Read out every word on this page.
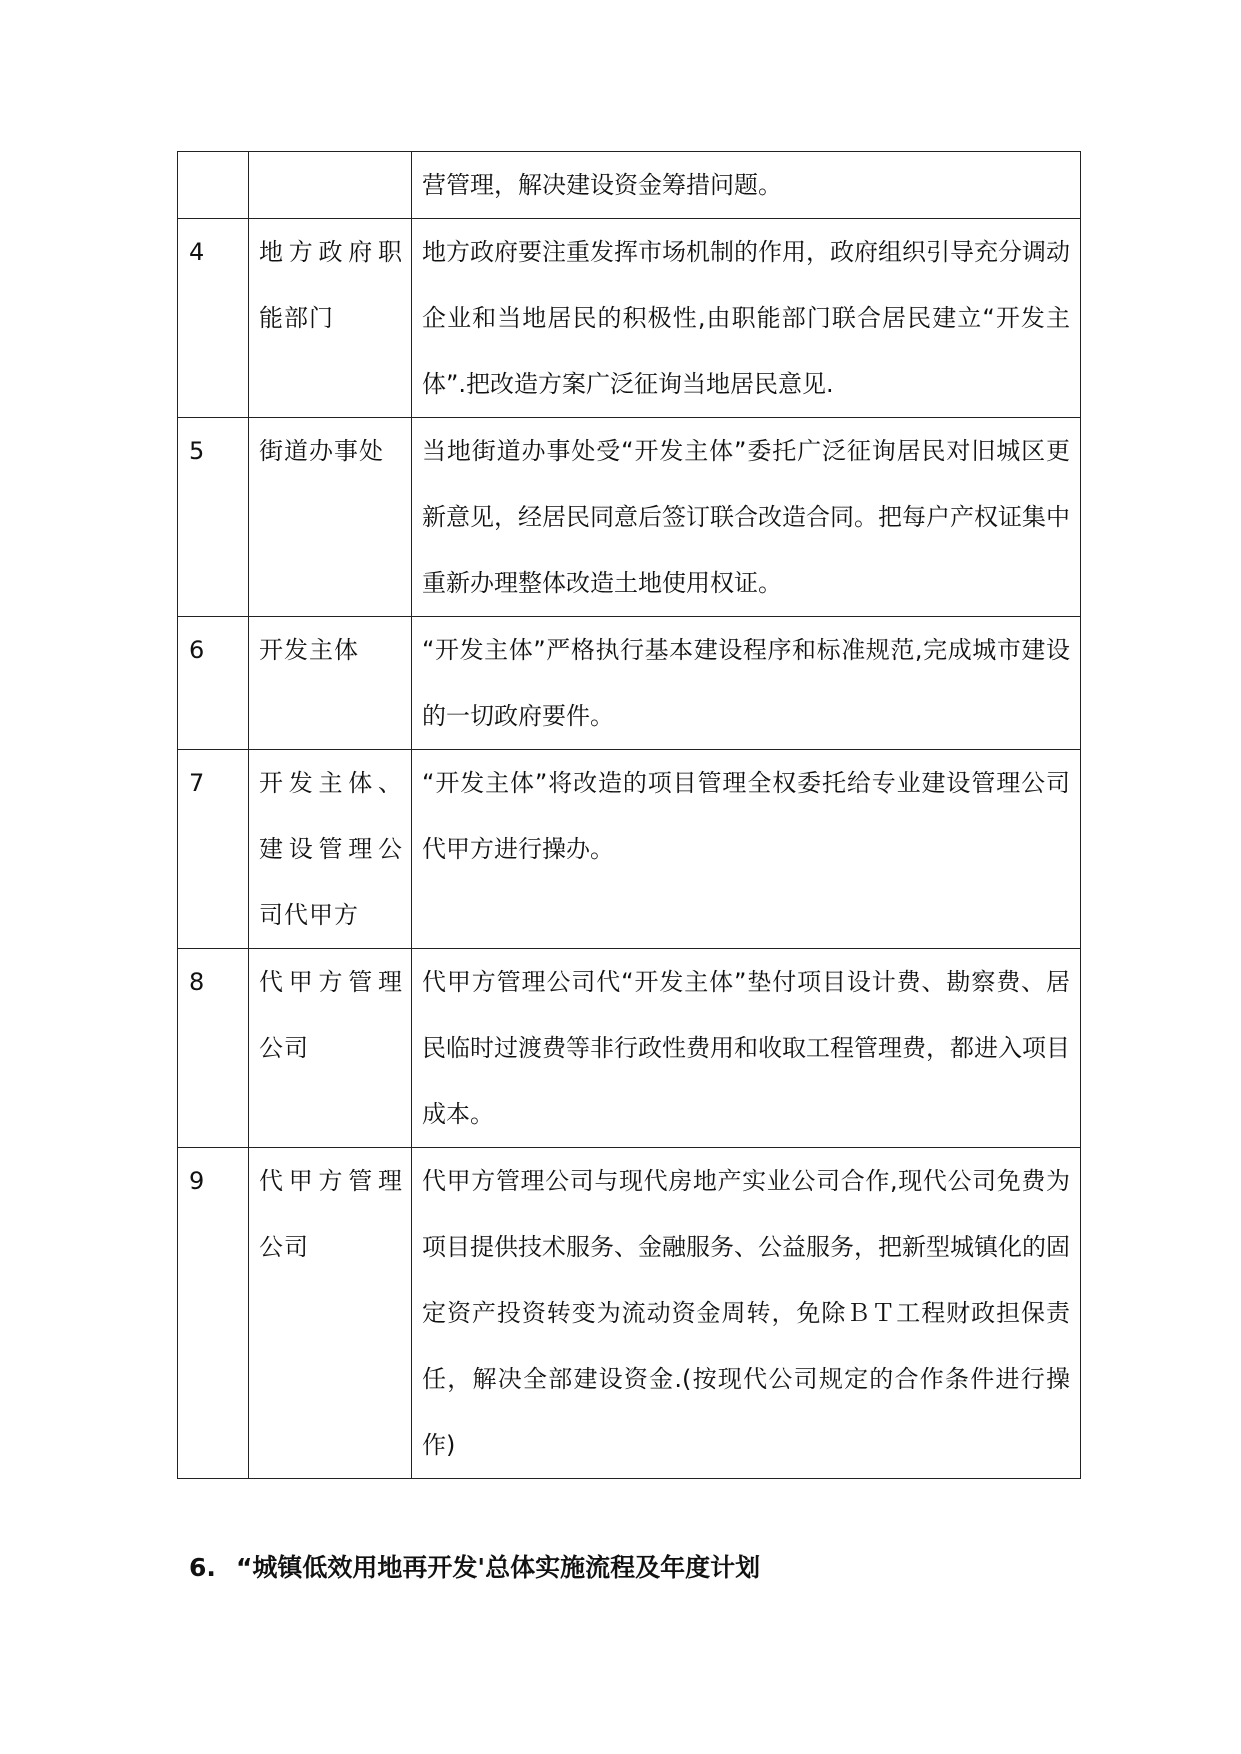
		营管理，解决建设资金筹措问题。
4	地方政府职能部门	地方政府要注重发挥市场机制的作用，政府组织引导充分调动企业和当地居民的积极性,由职能部门联合居民建立“开发主体”.把改造方案广泛征询当地居民意见.
5	街道办事处	当地街道办事处受“开发主体”委托广泛征询居民对旧城区更新意见，经居民同意后签订联合改造合同。把每户产权证集中重新办理整体改造土地使用权证。
6	开发主体	“开发主体”严格执行基本建设程序和标准规范,完成城市建设的一切政府要件。
7	开发主体、建设管理公司代甲方	“开发主体”将改造的项目管理全权委托给专业建设管理公司代甲方进行操办。
8	代甲方管理公司	代甲方管理公司代“开发主体”垫付项目设计费、勘察费、居民临时过渡费等非行政性费用和收取工程管理费，都进入项目成本。
9	代甲方管理公司	代甲方管理公司与现代房地产实业公司合作,现代公司免费为项目提供技术服务、金融服务、公益服务，把新型城镇化的固定资产投资转变为流动资金周转，免除ＢＴ工程财政担保责任，解决全部建设资金.(按现代公司规定的合作条件进行操作)
6. “城镇低效用地再开发'总体实施流程及年度计划
